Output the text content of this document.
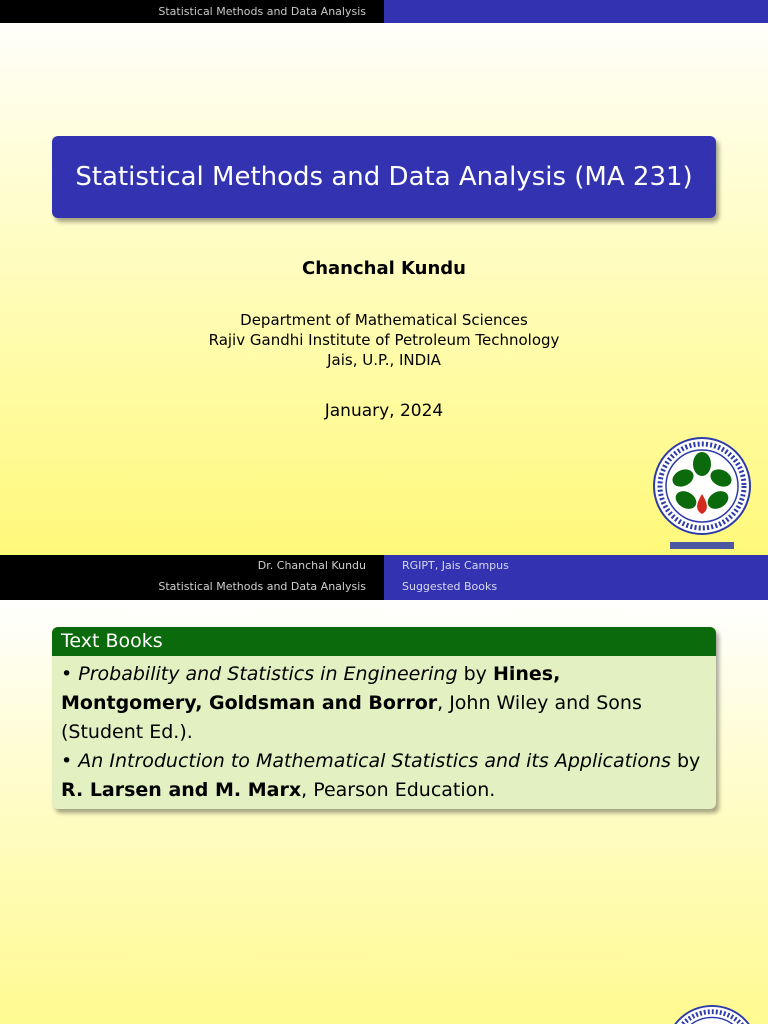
Statistical Methods and Data Analysis
Statistical Methods and Data Analysis (MA 231)
Chanchal Kundu
Department of Mathematical Sciences
Rajiv Gandhi Institute of Petroleum Technology
Jais, U.P., INDIA
January, 2024
Dr. Chanchal Kundu
Statistical Methods and Data Analysis
RGIPT, Jais Campus
Suggested Books
Text Books
• Probability and Statistics in Engineering by Hines, Montgomery, Goldsman and Borror, John Wiley and Sons (Student Ed.).
• An Introduction to Mathematical Statistics and its Applications by R. Larsen and M. Marx, Pearson Education.
